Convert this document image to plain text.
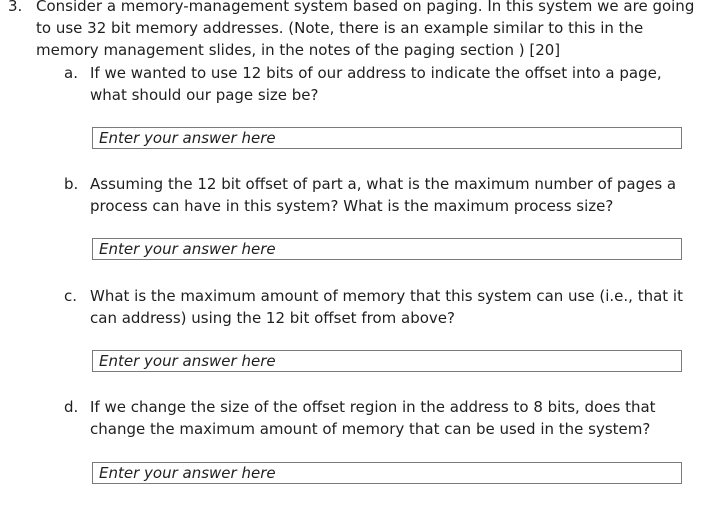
3. Consider a memory-management system based on paging. In this system we are going to use 32 bit memory addresses. (Note, there is an example similar to this in the memory management slides, in the notes of the paging section ) [20]
a. If we wanted to use 12 bits of our address to indicate the offset into a page, what should our page size be?
Enter your answer here
b. Assuming the 12 bit offset of part a, what is the maximum number of pages a process can have in this system? What is the maximum process size?
Enter your answer here
c. What is the maximum amount of memory that this system can use (i.e., that it can address) using the 12 bit offset from above?
Enter your answer here
d. If we change the size of the offset region in the address to 8 bits, does that change the maximum amount of memory that can be used in the system?
Enter your answer here
